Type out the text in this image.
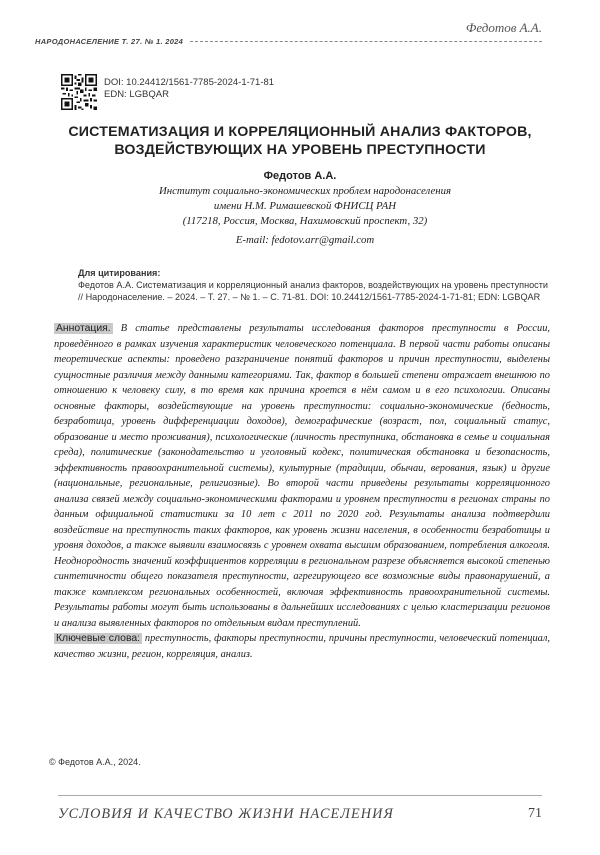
Федотов А.А.
НАРОДОНАСЕЛЕНИЕ Т. 27. № 1. 2024
DOI: 10.24412/1561-7785-2024-1-71-81
EDN: LGBQAR
СИСТЕМАТИЗАЦИЯ И КОРРЕЛЯЦИОННЫЙ АНАЛИЗ ФАКТОРОВ,
ВОЗДЕЙСТВУЮЩИХ НА УРОВЕНЬ ПРЕСТУПНОСТИ
Федотов А.А.
Институт социально-экономических проблем народонаселения
имени Н.М. Римашевской ФНИСЦ РАН
(117218, Россия, Москва, Нахимовский проспект, 32)
E-mail: fedotov.arr@gmail.com
Для цитирования:
Федотов А.А. Систематизация и корреляционный анализ факторов, воздействующих на уровень преступности // Народонаселение. – 2024. – Т. 27. – № 1. – С. 71-81. DOI: 10.24412/1561-7785-2024-1-71-81; EDN: LGBQAR

Аннотация. В статье представлены результаты исследования факторов преступности в России, проведённого в рамках изучения характеристик человеческого потенциала. В первой части работы описаны теоретические аспекты: проведено разграничение понятий факторов и причин преступности, выделены сущностные различия между данными категориями. Так, фактор в большей степени отражает внешнюю по отношению к человеку силу, в то время как причина кроется в нём самом и в его психологии. Описаны основные факторы, воздействующие на уровень преступности: социально-экономические (бедность, безработица, уровень дифференциации доходов), демографические (возраст, пол, социальный статус, образование и место проживания), психологические (личность преступника, обстановка в семье и социальная среда), политические (законодательство и уголовный кодекс, политическая обстановка и безопасность, эффективность правоохранительной системы), культурные (традиции, обычаи, верования, язык) и другие (национальные, региональные, религиозные). Во второй части приведены результаты корреляционного анализа связей между социально-экономическими факторами и уровнем преступности в регионах страны по данным официальной статистики за 10 лет с 2011 по 2020 год. Результаты анализа подтвердили воздействие на преступность таких факторов, как уровень жизни населения, в особенности безработицы и уровня доходов, а также выявили взаимосвязь с уровнем охвата высшим образованием, потребления алкоголя. Неоднородность значений коэффициентов корреляции в региональном разрезе объясняется высокой степенью синтетичности общего показателя преступности, агрегирующего все возможные виды правонарушений, а также комплексом региональных особенностей, включая эффективность правоохранительной системы. Результаты работы могут быть использованы в дальнейших исследованиях с целью кластеризации регионов и анализа выявленных факторов по отдельным видам преступлений.

Ключевые слова: преступность, факторы преступности, причины преступности, человеческий потенциал, качество жизни, регион, корреляция, анализ.

© Федотов А.А., 2024.
УСЛОВИЯ И КАЧЕСТВО ЖИЗНИ НАСЕЛЕНИЯ	71
